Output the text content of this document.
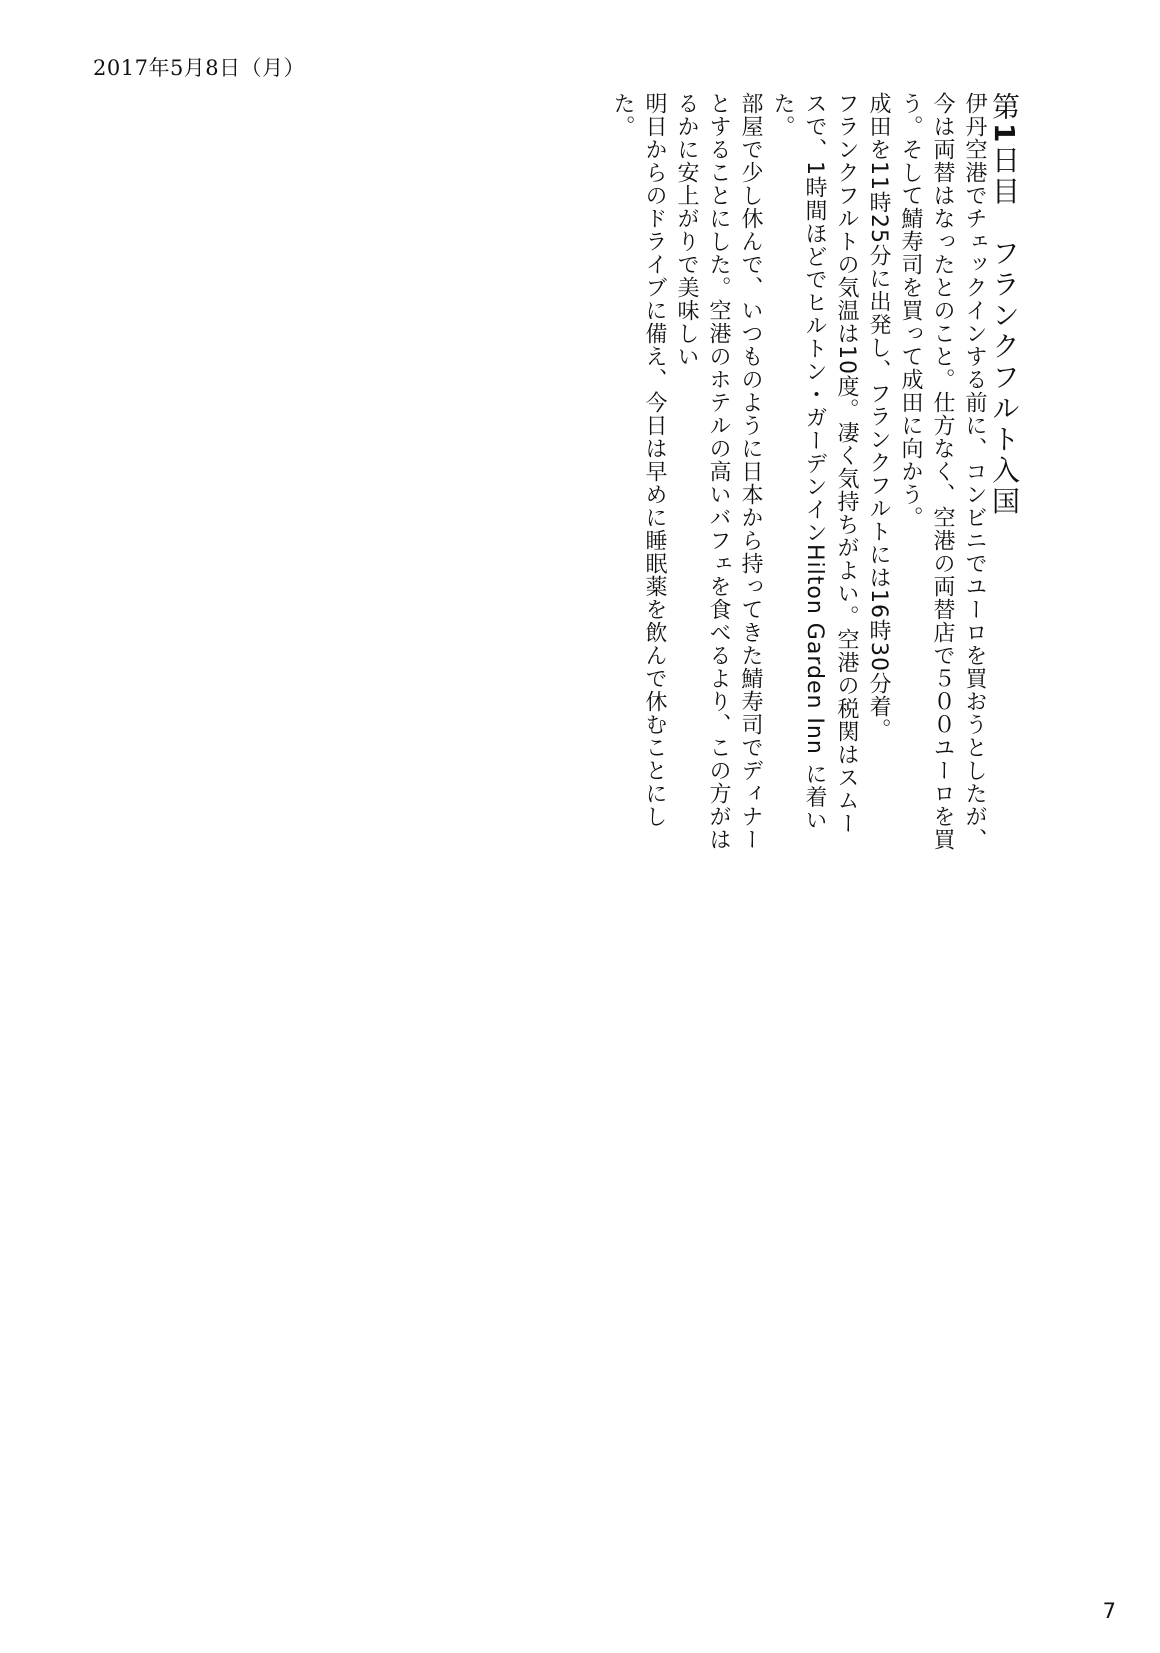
2017年5月8日（月）
第1日目　フランクフルト入国

伊丹空港でチェックインする前に、コンビニでユーロを買おうとしたが、今は両替はなったとのこと。仕方なく、空港の両替店で５００ユーロを買う。そして鯖寿司を買って成田に向かう。

成田を11時25分に出発し、フランクフルトには16時30分着。

フランクフルトの気温は10度。凄く気持ちがよい。空港の税関はスムースで、1時間ほどでヒルトン・ガーデンインHilton Garden Inn に着いた。

部屋で少し休んで、いつものように日本から持ってきた鯖寿司でディナーとすることにした。空港のホテルの高いバフェを食べるより、この方がはるかに安上がりで美味しい

明日からのドライブに備え、今日は早めに睡眠薬を飲んで休むことにした。

7
